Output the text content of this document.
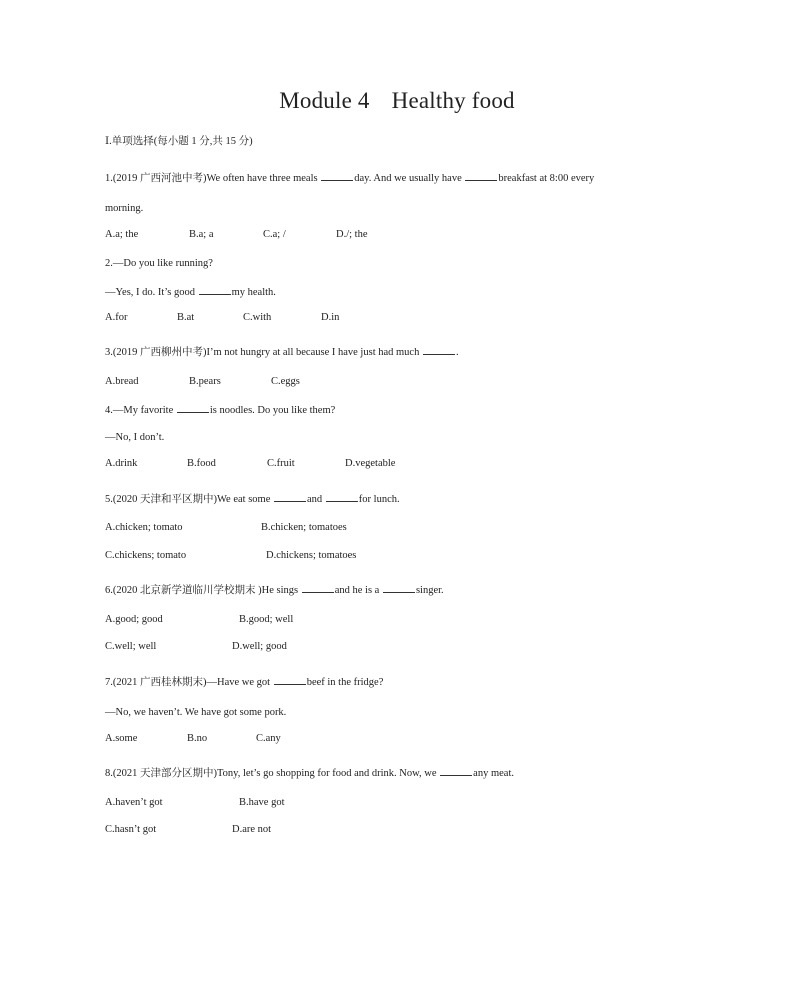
Module 4 Healthy food
Ⅰ.单项选择(每小题 1 分,共 15 分)
1.(2019 广西河池中考)We often have three meals	day. And we usually have	breakfast at 8:00 every
morning.
A.a; the	B.a; a	C.a; /	D./; the
2.—Do you like running?
—Yes, I do. It’s good	my health.
A.for	B.at	C.with	D.in
3.(2019 广西柳州中考)I’m not hungry at all because I have just had much	.
A.bread	B.pears	C.eggs
4.—My favorite	is noodles. Do you like them?
—No, I don’t.
A.drink	B.food	C.fruit	D.vegetable
5.(2020 天津和平区期中)We eat some	and	for lunch.
A.chicken; tomato	B.chicken; tomatoes
C.chickens; tomato	D.chickens; tomatoes
6.(2020 北京新学道临川学校期末 )He sings	and he is a	singer.
A.good; good	B.good; well
C.well; well	D.well; good
7.(2021 广西桂林期末)—Have we got	beef in the fridge?
—No, we haven’t. We have got some pork.
A.some	B.no	C.any
8.(2021 天津部分区期中)Tony, let’s go shopping for food and drink. Now, we	any meat.
A.haven’t got	B.have got
C.hasn’t got	D.are not
